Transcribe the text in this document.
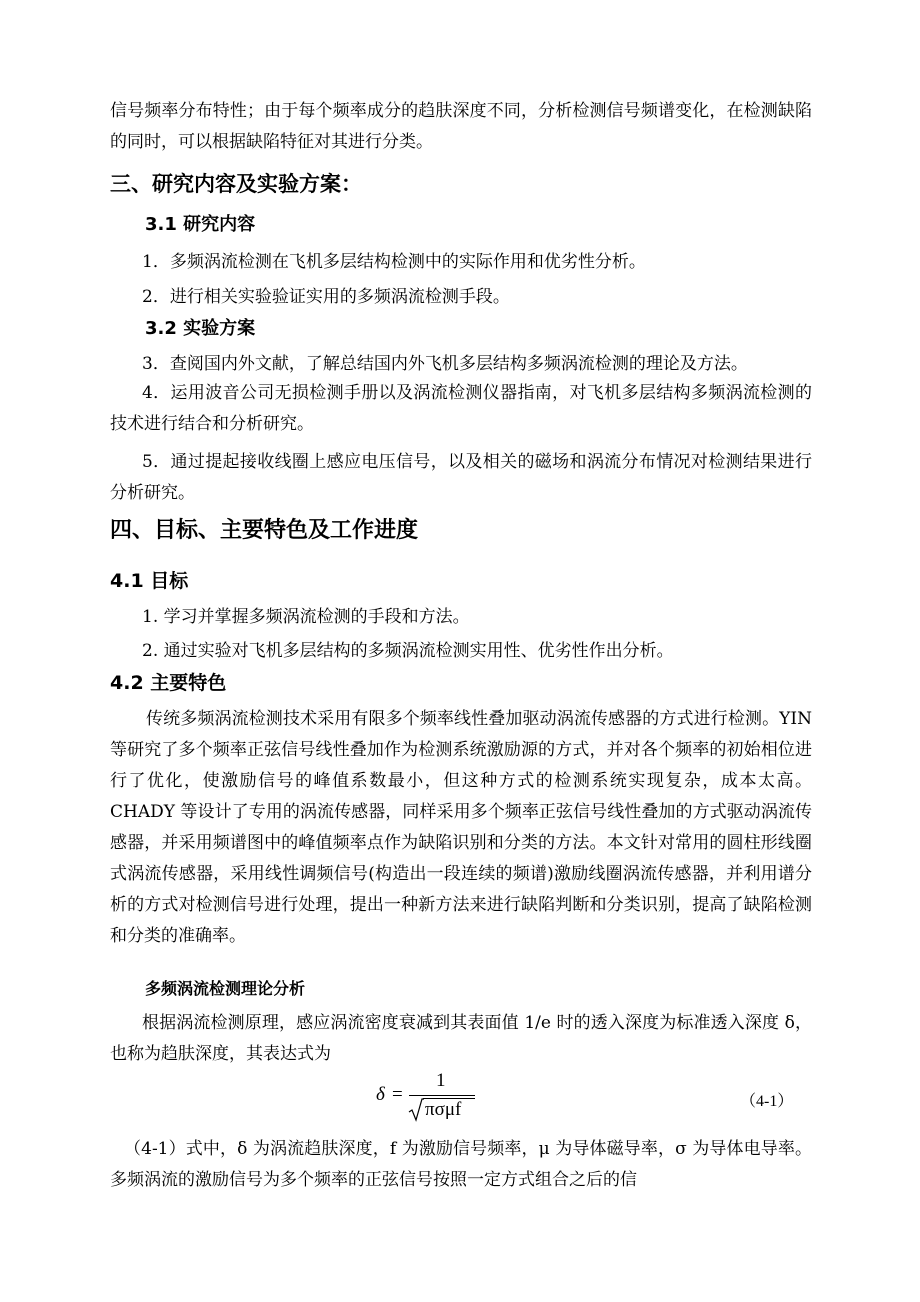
信号频率分布特性；由于每个频率成分的趋肤深度不同，分析检测信号频谱变化，在检测缺陷的同时，可以根据缺陷特征对其进行分类。

三、研究内容及实验方案：
3.1 研究内容

1．多频涡流检测在飞机多层结构检测中的实际作用和优劣性分析。

2．进行相关实验验证实用的多频涡流检测手段。

3.2 实验方案

3．查阅国内外文献，了解总结国内外飞机多层结构多频涡流检测的理论及方法。

4．运用波音公司无损检测手册以及涡流检测仪器指南，对飞机多层结构多频涡流检测的技术进行结合和分析研究。

5．通过提起接收线圈上感应电压信号，以及相关的磁场和涡流分布情况对检测结果进行分析研究。

四、目标、主要特色及工作进度
4.1 目标

1. 学习并掌握多频涡流检测的手段和方法。

2. 通过实验对飞机多层结构的多频涡流检测实用性、优劣性作出分析。

4.2 主要特色

传统多频涡流检测技术采用有限多个频率线性叠加驱动涡流传感器的方式进行检测。YIN 等研究了多个频率正弦信号线性叠加作为检测系统激励源的方式，并对各个频率的初始相位进行了优化，使激励信号的峰值系数最小，但这种方式的检测系统实现复杂，成本太高。CHADY 等设计了专用的涡流传感器，同样采用多个频率正弦信号线性叠加的方式驱动涡流传感器，并采用频谱图中的峰值频率点作为缺陷识别和分类的方法。本文针对常用的圆柱形线圈式涡流传感器，采用线性调频信号(构造出一段连续的频谱)激励线圈涡流传感器，并利用谱分析的方式对检测信号进行处理，提出一种新方法来进行缺陷判断和分类识别，提高了缺陷检测和分类的准确率。

多频涡流检测理论分析

根据涡流检测原理，感应涡流密度衰减到其表面值 1/e 时的透入深度为标准透入深度 δ，也称为趋肤深度，其表达式为

δ =
1
πσμf	（4-1）

（4-1）式中，δ 为涡流趋肤深度，f 为激励信号频率，μ 为导体磁导率，σ 为导体电导率。多频涡流的激励信号为多个频率的正弦信号按照一定方式组合之后的信
